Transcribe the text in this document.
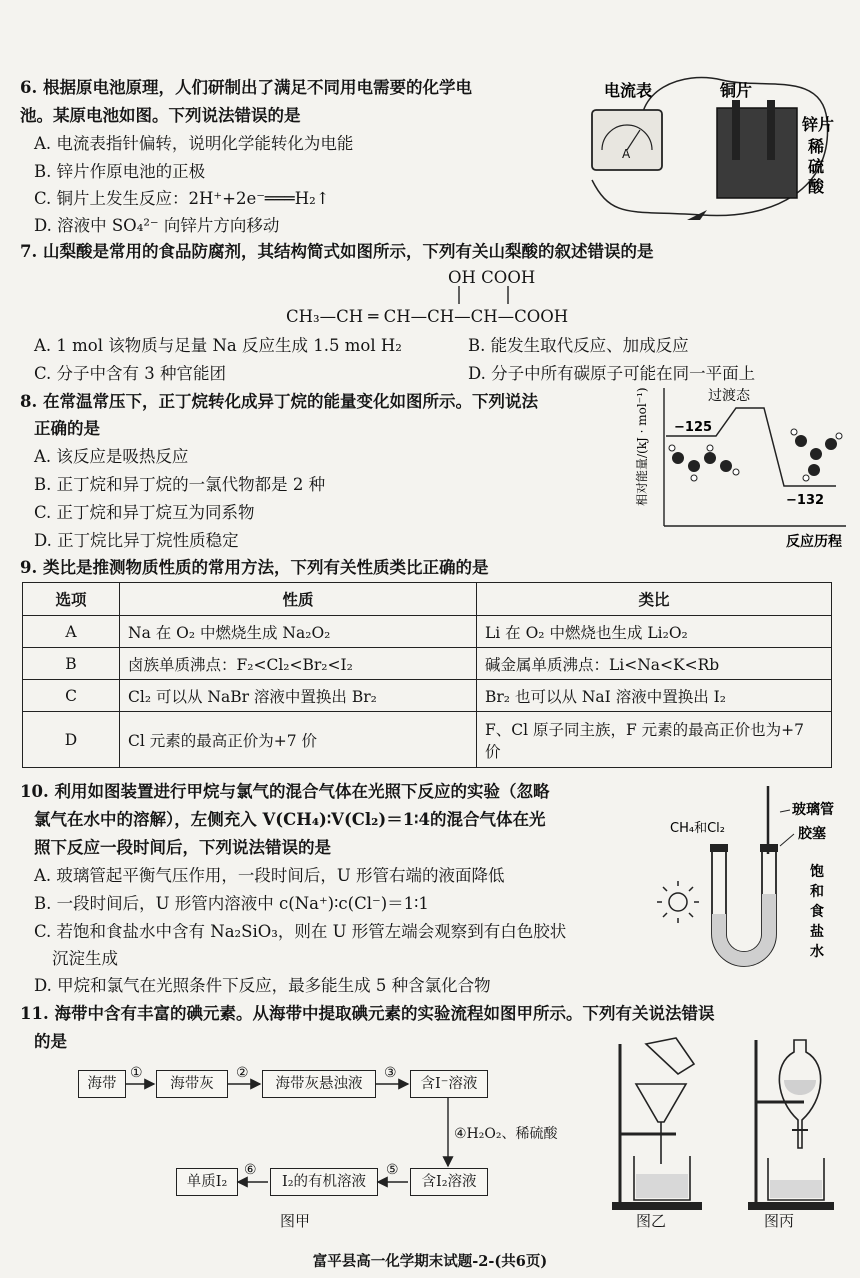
6. 根据原电池原理，人们研制出了满足不同用电需要的化学电
池。某原电池如图。下列说法错误的是
A. 电流表指针偏转，说明化学能转化为电能
B. 锌片作原电池的正极
C. 铜片上发生反应：2H⁺+2e⁻═══H₂↑
D. 溶液中 SO₄²⁻ 向锌片方向移动
A
电流表	铜片
锌片
稀
硫
酸
7. 山梨酸是常用的食品防腐剂，其结构简式如图所示，下列有关山梨酸的叙述错误的是
OH COOH
CH₃—CH ═ CH—CH—CH—COOH
A. 1 mol 该物质与足量 Na 反应生成 1.5 mol H₂	B. 能发生取代反应、加成反应
C. 分子中含有 3 种官能团	D. 分子中所有碳原子可能在同一平面上
8. 在常温常压下，正丁烷转化成异丁烷的能量变化如图所示。下列说法
正确的是
A. 该反应是吸热反应
B. 正丁烷和异丁烷的一氯代物都是 2 种
C. 正丁烷和异丁烷互为同系物
D. 正丁烷比异丁烷性质稳定
过渡态
−125
−132
相对能量/(kJ · mol⁻¹)
反应历程
9. 类比是推测物质性质的常用方法，下列有关性质类比正确的是
选项	性质	类比
A	Na 在 O₂ 中燃烧生成 Na₂O₂	Li 在 O₂ 中燃烧也生成 Li₂O₂
B	卤族单质沸点：F₂<Cl₂<Br₂<I₂	碱金属单质沸点：Li<Na<K<Rb
C	Cl₂ 可以从 NaBr 溶液中置换出 Br₂	Br₂ 也可以从 NaI 溶液中置换出 I₂
D	Cl 元素的最高正价为+7 价	F、Cl 原子同主族，F 元素的最高正价也为+7 价
10. 利用如图装置进行甲烷与氯气的混合气体在光照下反应的实验（忽略
氯气在水中的溶解），左侧充入 V(CH₄)∶V(Cl₂)＝1∶4的混合气体在光
照下反应一段时间后，下列说法错误的是
A. 玻璃管起平衡气压作用，一段时间后，U 形管右端的液面降低
B. 一段时间后，U 形管内溶液中 c(Na⁺)∶c(Cl⁻)＝1∶1
C. 若饱和食盐水中含有 Na₂SiO₃，则在 U 形管左端会观察到有白色胶状
沉淀生成
D. 甲烷和氯气在光照条件下反应，最多能生成 5 种含氯化合物
CH₄和Cl₂
玻璃管
胶塞
饱
和
食
盐
水
11. 海带中含有丰富的碘元素。从海带中提取碘元素的实验流程如图甲所示。下列有关说法错误
的是
海带	海带灰	海带灰悬浊液	含I⁻溶液
含I₂溶液
I₂的有机溶液
单质I₂
①	②	③
④H₂O₂、稀硫酸
⑤
⑥
图甲	图乙	图丙
富平县高一化学期末试题-2-(共6页)
